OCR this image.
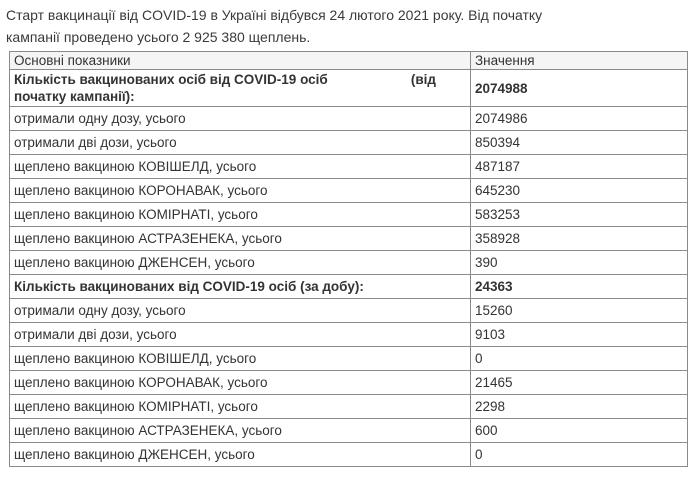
Старт вакцинації від COVID-19 в Україні відбувся 24 лютого 2021 року. Від початку
кампанії проведено усього 2 925 380 щеплень.
Основні показники	Значення

Кількість вакцинованих осіб від COVID-19 осіб (від
початку кампанії):	2074988
отримали одну дозу, усього	2074986
отримали дві дози, усього	850394
щеплено вакциною КОВІШЕЛД, усього	487187
щеплено вакциною КОРОНАВАК, усього	645230
щеплено вакциною КОМІРНАТІ, усього	583253
щеплено вакциною АСТРАЗЕНЕКА, усього	358928
щеплено вакциною ДЖЕНСЕН, усього	390
Кількість вакцинованих від COVID-19 осіб (за добу):	24363
отримали одну дозу, усього	15260
отримали дві дози, усього	9103
щеплено вакциною КОВІШЕЛД, усього	0
щеплено вакциною КОРОНАВАК, усього	21465
щеплено вакциною КОМІРНАТІ, усього	2298
щеплено вакциною АСТРАЗЕНЕКА, усього	600
щеплено вакциною ДЖЕНСЕН, усього	0
